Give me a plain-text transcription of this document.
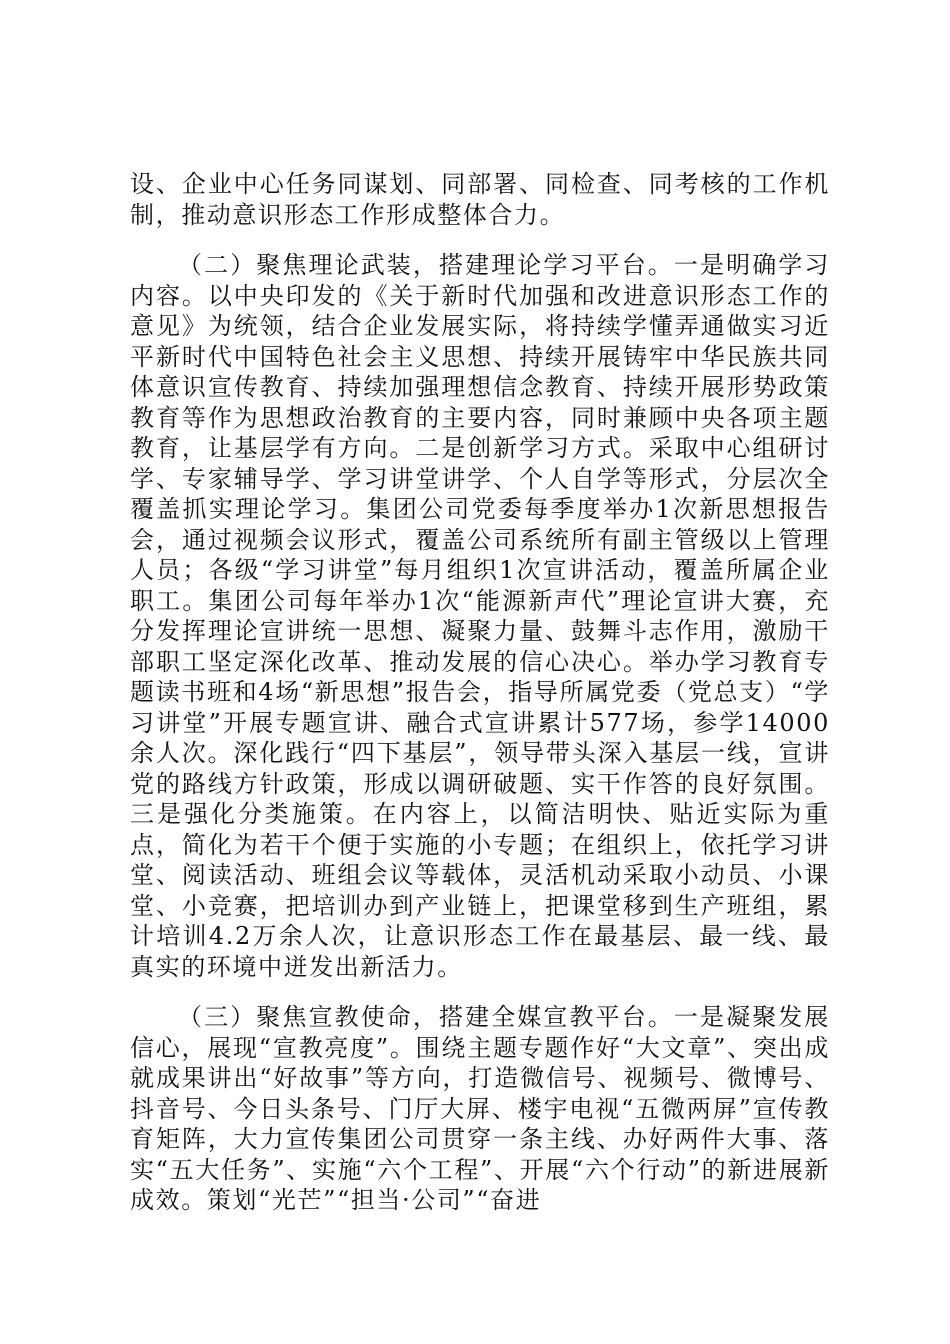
设、企业中心任务同谋划、同部署、同检查、同考核的工作机制，推动意识形态工作形成整体合力。

（二）聚焦理论武装，搭建理论学习平台。一是明确学习内容。以中央印发的《关于新时代加强和改进意识形态工作的意见》为统领，结合企业发展实际，将持续学懂弄通做实习近平新时代中国特色社会主义思想、持续开展铸牢中华民族共同体意识宣传教育、持续加强理想信念教育、持续开展形势政策教育等作为思想政治教育的主要内容，同时兼顾中央各项主题教育，让基层学有方向。二是创新学习方式。采取中心组研讨学、专家辅导学、学习讲堂讲学、个人自学等形式，分层次全覆盖抓实理论学习。集团公司党委每季度举办1次新思想报告会，通过视频会议形式，覆盖公司系统所有副主管级以上管理人员；各级“学习讲堂”每月组织1次宣讲活动，覆盖所属企业职工。集团公司每年举办1次“能源新声代”理论宣讲大赛，充分发挥理论宣讲统一思想、凝聚力量、鼓舞斗志作用，激励干部职工坚定深化改革、推动发展的信心决心。举办学习教育专题读书班和4场“新思想”报告会，指导所属党委（党总支）“学习讲堂”开展专题宣讲、融合式宣讲累计577场，参学14000余人次。深化践行“四下基层”，领导带头深入基层一线，宣讲党的路线方针政策，形成以调研破题、实干作答的良好氛围。三是强化分类施策。在内容上，以简洁明快、贴近实际为重点，简化为若干个便于实施的小专题；在组织上，依托学习讲堂、阅读活动、班组会议等载体，灵活机动采取小动员、小课堂、小竞赛，把培训办到产业链上，把课堂移到生产班组，累计培训4.2万余人次，让意识形态工作在最基层、最一线、最真实的环境中迸发出新活力。

（三）聚焦宣教使命，搭建全媒宣教平台。一是凝聚发展信心，展现“宣教亮度”。围绕主题专题作好“大文章”、突出成就成果讲出“好故事”等方向，打造微信号、视频号、微博号、抖音号、今日头条号、门厅大屏、楼宇电视“五微两屏”宣传教育矩阵，大力宣传集团公司贯穿一条主线、办好两件大事、落实“五大任务”、实施“六个工程”、开展“六个行动”的新进展新成效。策划“光芒”“担当·公司”“奋进
